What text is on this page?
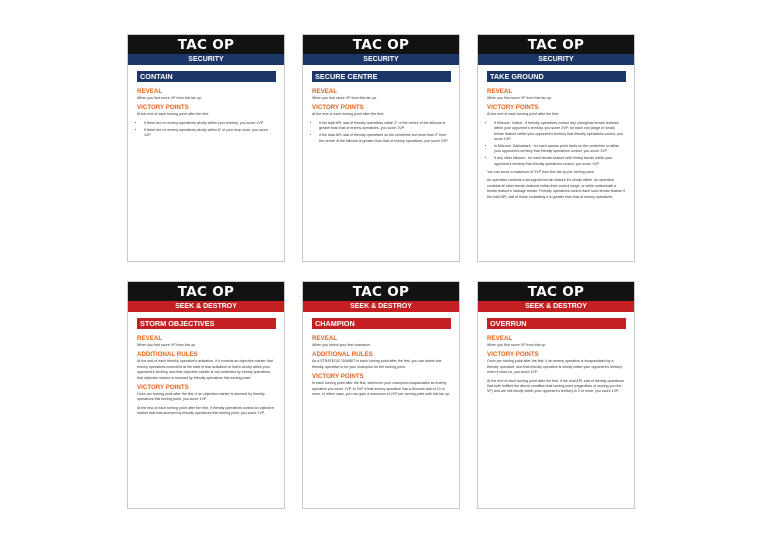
TAC OP
SECURITY
CONTAIN
REVEAL
When you first score VP from this tac op.
VICTORY POINTS
At the end of each turning point after the first:
• If there are no enemy operatives wholly within your territory, you score 1VP.
• If there are no enemy operatives wholly within 6" of your drop zone, you score 1VP.
TAC OP
SECURITY
SECURE CENTRE
REVEAL
When you first score VP from this tac op.
VICTORY POINTS
At the end of each turning point after the first:
• If the total APL stat of friendly operatives within 3" of the centre of the killzone is greater than that of enemy operatives, you score 1VP.
• If the total APL stat of friendly operatives on the centreline but more than 3" from the centre of the killzone is greater than that of enemy operatives, you score 1VP.
TAC OP
SECURITY
TAKE GROUND
REVEAL
When you first score VP from this tac op.
VICTORY POINTS
At the end of each turning point after the first:
• If Killzone: Volkus - if friendly operatives control any stronghold terrain features within your opponent's territory, you score 2VP; for each non (large or small) terrain feature within your opponent's territory that friendly operatives control, you score 1VP.
• In Killzone: Gallowdark - for each access point that's on the centreline or within your opponent's territory that friendly operatives control, you score 1VP.
• If any other killzone - for each terrain feature with Heavy terrain within your opponent's territory that friendly operatives control, you score 1VP.
You can score a maximum of 2VP from this tac op per turning point.
An operative contests a stronghold terrain feature it's wholly within. An operative contests all other terrain features within their control range, or while underneath a terrain feature's Vantage terrain. Friendly operatives control each such terrain feature if the total APL stat of those contesting it is greater than that of enemy operatives.
TAC OP
SEEK & DESTROY
STORM OBJECTIVES
REVEAL
When you first score VP from this op.
ADDITIONAL RULES
At the end of each friendly operative's activation, if it controls an objective marker that enemy operatives controlled at the start of that activation or that's wholly within your opponent's territory, and that objective marker is not contested by enemy operatives, that objective marker is stormed by friendly operatives this turning point.
VICTORY POINTS
Once per turning point after the first, if an objective marker is stormed by friendly operatives this turning point, you score 1VP.
At the end of each turning point after the first, if friendly operatives control an objective marker that was stormed by friendly operatives this turning point, you score 1VP.
TAC OP
SEEK & DESTROY
CHAMPION
REVEAL
When you select your first champion.
ADDITIONAL RULES
As a STRATEGIC GAMBIT in each turning point after the first, you can select one friendly operative to be your champion for the turning point.
VICTORY POINTS
In each turning point after the first, whenever your champion incapacitates an enemy operative you score 1VP, or 2VP if that enemy operative has a Wounds stat of 13 or more. In either case, you can gain a maximum of 2VP per turning point with this tac op.
TAC OP
SEEK & DESTROY
OVERRUN
REVEAL
When you first score VP from this op.
VICTORY POINTS
Once per turning point after the first, if an enemy operative is incapacitated by a friendly operative, and that friendly operative is wholly within your opponent's territory when it does so, you score 1VP.
At the end of each turning point after the first, if the total APL stat of friendly operatives that both fulfilled the above condition that turning point (regardless of scoring you the VP) and are still wholly within your opponent's territory is 3 or more, you score 1VP.
